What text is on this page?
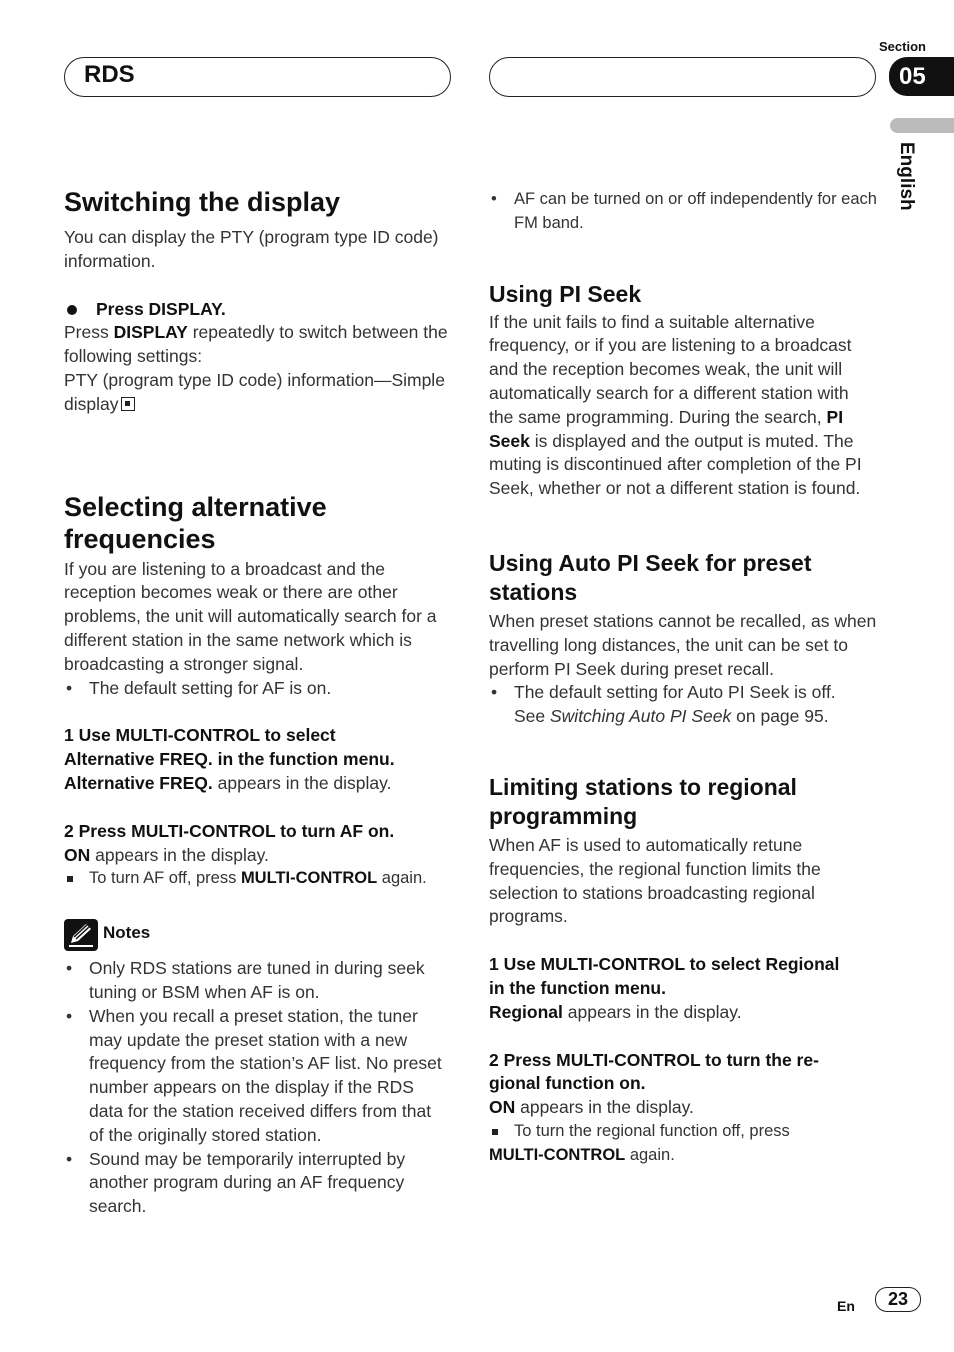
RDS
Section
05
English
Switching the display

You can display the PTY (program type ID code) information.

Press DISPLAY.

Press DISPLAY repeatedly to switch between the following settings:

PTY (program type ID code) information—Simple display

Selecting alternative
frequencies

If you are listening to a broadcast and the reception becomes weak or there are other problems, the unit will automatically search for a different station in the same network which is broadcasting a stronger signal.

• The default setting for AF is on.

1 Use MULTI-CONTROL to select

Alternative FREQ. in the function menu.

Alternative FREQ. appears in the display.

2 Press MULTI-CONTROL to turn AF on.

ON appears in the display.

To turn AF off, press MULTI-CONTROL again.

Notes

• Only RDS stations are tuned in during seek tuning or BSM when AF is on.

• When you recall a preset station, the tuner may update the preset station with a new frequency from the station’s AF list. No preset number appears on the display if the RDS data for the station received differs from that of the originally stored station.

• Sound may be temporarily interrupted by another program during an AF frequency search.

• AF can be turned on or off independently for each FM band.

Using PI Seek

If the unit fails to find a suitable alternative frequency, or if you are listening to a broadcast and the reception becomes weak, the unit will automatically search for a different station with the same programming. During the search, PI Seek is displayed and the output is muted. The muting is discontinued after completion of the PI Seek, whether or not a different station is found.

Using Auto PI Seek for preset
stations

When preset stations cannot be recalled, as when travelling long distances, the unit can be set to perform PI Seek during preset recall.

• The default setting for Auto PI Seek is off.
See Switching Auto PI Seek on page 95.

Limiting stations to regional
programming

When AF is used to automatically retune frequencies, the regional function limits the selection to stations broadcasting regional programs.

1 Use MULTI-CONTROL to select Regional

in the function menu.

Regional appears in the display.

2 Press MULTI-CONTROL to turn the re-

gional function on.

ON appears in the display.

To turn the regional function off, press

MULTI-CONTROL again.

En	23
